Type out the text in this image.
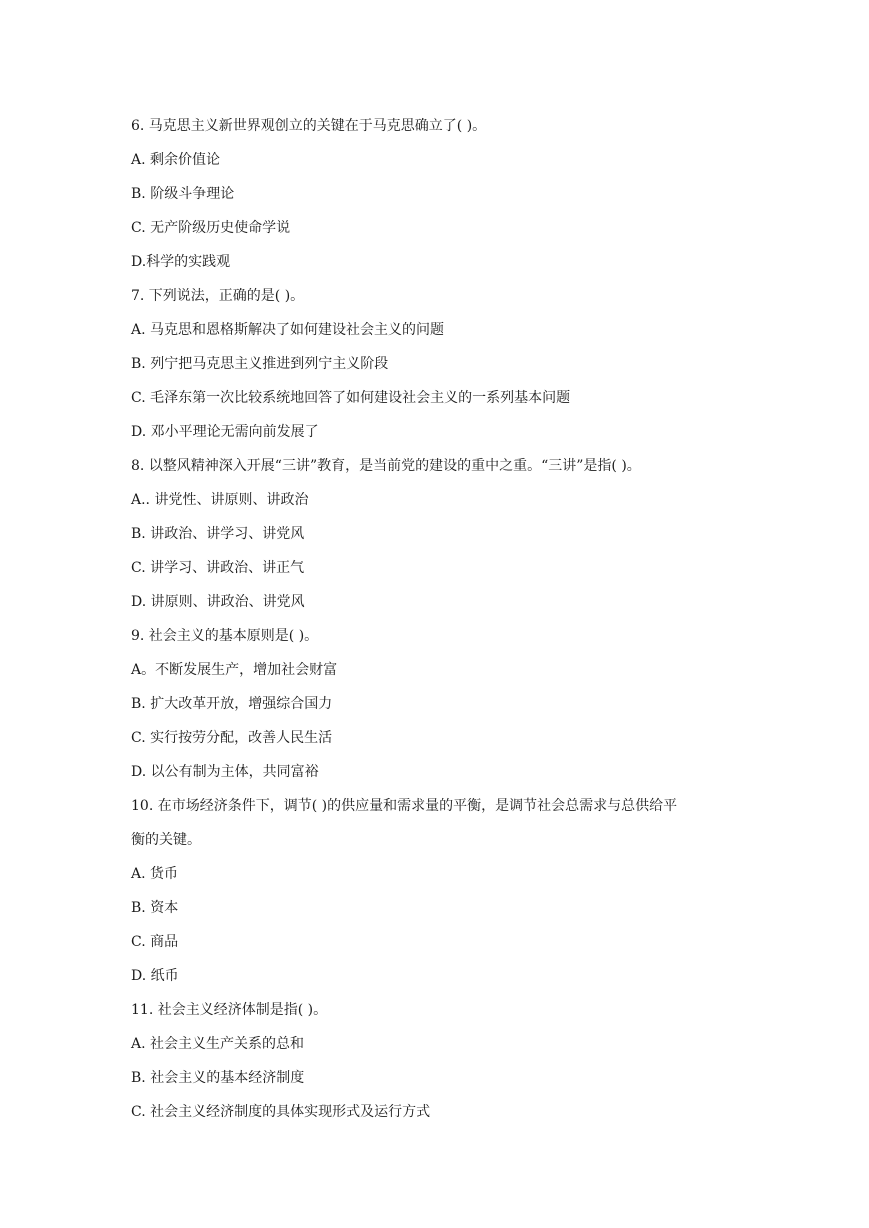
6. 马克思主义新世界观创立的关键在于马克思确立了( )。

A. 剩余价值论

B. 阶级斗争理论

C. 无产阶级历史使命学说

D.科学的实践观

7. 下列说法，正确的是( )。

A. 马克思和恩格斯解决了如何建设社会主义的问题

B. 列宁把马克思主义推进到列宁主义阶段

C. 毛泽东第一次比较系统地回答了如何建设社会主义的一系列基本问题

D. 邓小平理论无需向前发展了

8. 以整风精神深入开展“三讲”教育，是当前党的建设的重中之重。“三讲”是指( )。

A.. 讲党性、讲原则、讲政治

B. 讲政治、讲学习、讲党风

C. 讲学习、讲政治、讲正气

D. 讲原则、讲政治、讲党风

9. 社会主义的基本原则是( )。

A。不断发展生产，增加社会财富

B. 扩大改革开放，增强综合国力

C. 实行按劳分配，改善人民生活

D. 以公有制为主体，共同富裕

10. 在市场经济条件下，调节( )的供应量和需求量的平衡，是调节社会总需求与总供给平

衡的关键。

A. 货币

B. 资本

C. 商品

D. 纸币

11. 社会主义经济体制是指( )。

A. 社会主义生产关系的总和

B. 社会主义的基本经济制度

C. 社会主义经济制度的具体实现形式及运行方式
